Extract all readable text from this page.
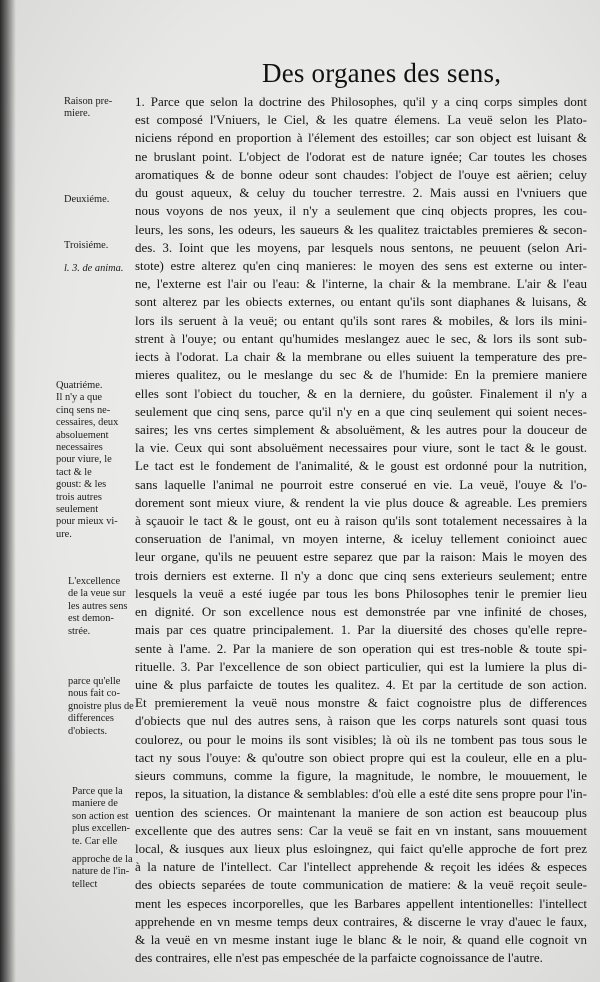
Des organes des sens,
1. Parce que selon la doctrine des Philosophes, qu'il y a cinq corps simples dont
est composé l'Vniuers, le Ciel, & les quatre élemens. La veuë selon les Plato-
niciens répond en proportion à l'élement des estoilles; car son object est luisant &
ne bruslant point. L'object de l'odorat est de nature ignée; Car toutes les choses
aromatiques & de bonne odeur sont chaudes: l'object de l'ouye est aërien; celuy
du goust aqueux, & celuy du toucher terrestre. 2. Mais aussi en l'vniuers que
nous voyons de nos yeux, il n'y a seulement que cinq objects propres, les cou-
leurs, les sons, les odeurs, les saueurs & les qualitez traictables premieres & secon-
des. 3. Ioint que les moyens, par lesquels nous sentons, ne peuuent (selon Ari-
stote) estre alterez qu'en cinq manieres: le moyen des sens est externe ou inter-
ne, l'externe est l'air ou l'eau: & l'interne, la chair & la membrane. L'air & l'eau
sont alterez par les obiects externes, ou entant qu'ils sont diaphanes & luisans, &
lors ils seruent à la veuë; ou entant qu'ils sont rares & mobiles, & lors ils mini-
strent à l'ouye; ou entant qu'humides meslangez auec le sec, & lors ils sont sub-
iects à l'odorat. La chair & la membrane ou elles suiuent la temperature des pre-
mieres qualitez, ou le meslange du sec & de l'humide: En la premiere maniere
elles sont l'obiect du toucher, & en la derniere, du goûster. Finalement il n'y a
seulement que cinq sens, parce qu'il n'y en a que cinq seulement qui soient neces-
saires; les vns certes simplement & absoluëment, & les autres pour la douceur de
la vie. Ceux qui sont absoluëment necessaires pour viure, sont le tact & le goust.
Le tact est le fondement de l'animalité, & le goust est ordonné pour la nutrition,
sans laquelle l'animal ne pourroit estre conserué en vie. La veuë, l'ouye & l'o-
dorement sont mieux viure, & rendent la vie plus douce & agreable. Les premiers
à sçauoir le tact & le goust, ont eu à raison qu'ils sont totalement necessaires à la
conseruation de l'animal, vn moyen interne, & iceluy tellement conioinct auec
leur organe, qu'ils ne peuuent estre separez que par la raison: Mais le moyen des
trois derniers est externe. Il n'y a donc que cinq sens exterieurs seulement; entre
lesquels la veuë a esté iugée par tous les bons Philosophes tenir le premier lieu
en dignité. Or son excellence nous est demonstrée par vne infinité de choses,
mais par ces quatre principalement. 1. Par la diuersité des choses qu'elle repre-
sente à l'ame. 2. Par la maniere de son operation qui est tres-noble & toute spi-
rituelle. 3. Par l'excellence de son obiect particulier, qui est la lumiere la plus di-
uine & plus parfaicte de toutes les qualitez. 4. Et par la certitude de son action.
Et premierement la veuë nous monstre & faict cognoistre plus de differences
d'obiects que nul des autres sens, à raison que les corps naturels sont quasi tous
coulorez, ou pour le moins ils sont visibles; là où ils ne tombent pas tous sous le
tact ny sous l'ouye: & qu'outre son obiect propre qui est la couleur, elle en a plu-
sieurs communs, comme la figure, la magnitude, le nombre, le mouuement, le
repos, la situation, la distance & semblables: d'où elle a esté dite sens propre pour l'in-
uention des sciences. Or maintenant la maniere de son action est beaucoup plus
excellente que des autres sens: Car la veuë se fait en vn instant, sans mouuement
local, & iusques aux lieux plus esloingnez, qui faict qu'elle approche de fort prez
à la nature de l'intellect. Car l'intellect apprehende & reçoit les idées & especes
des obiects separées de toute communication de matiere: & la veuë reçoit seule-
ment les especes incorporelles, que les Barbares appellent intentionelles: l'intellect
apprehende en vn mesme temps deux contraires, & discerne le vray d'auec le faux,
& la veuë en vn mesme instant iuge le blanc & le noir, & quand elle cognoit vn
des contraires, elle n'est pas empeschée de la parfaicte cognoissance de l'autre.
Raison pre-
miere.
Deuxiéme.
Troisiéme.
l. 3. de anima.
Quatriéme.
Il n'y a que
cinq sens ne-
cessaires, deux
absoluement
necessaires
pour viure, le
tact & le
goust: & les
trois autres
seulement
pour mieux vi-
ure.
L'excellence
de la veue sur
les autres sens
est demon-
strée.
parce qu'elle
nous fait co-
gnoistre plus de
differences
d'obiects.
Parce que la
maniere de
son action est
plus excellen-
te. Car elle
approche de la
nature de l'in-
tellect
